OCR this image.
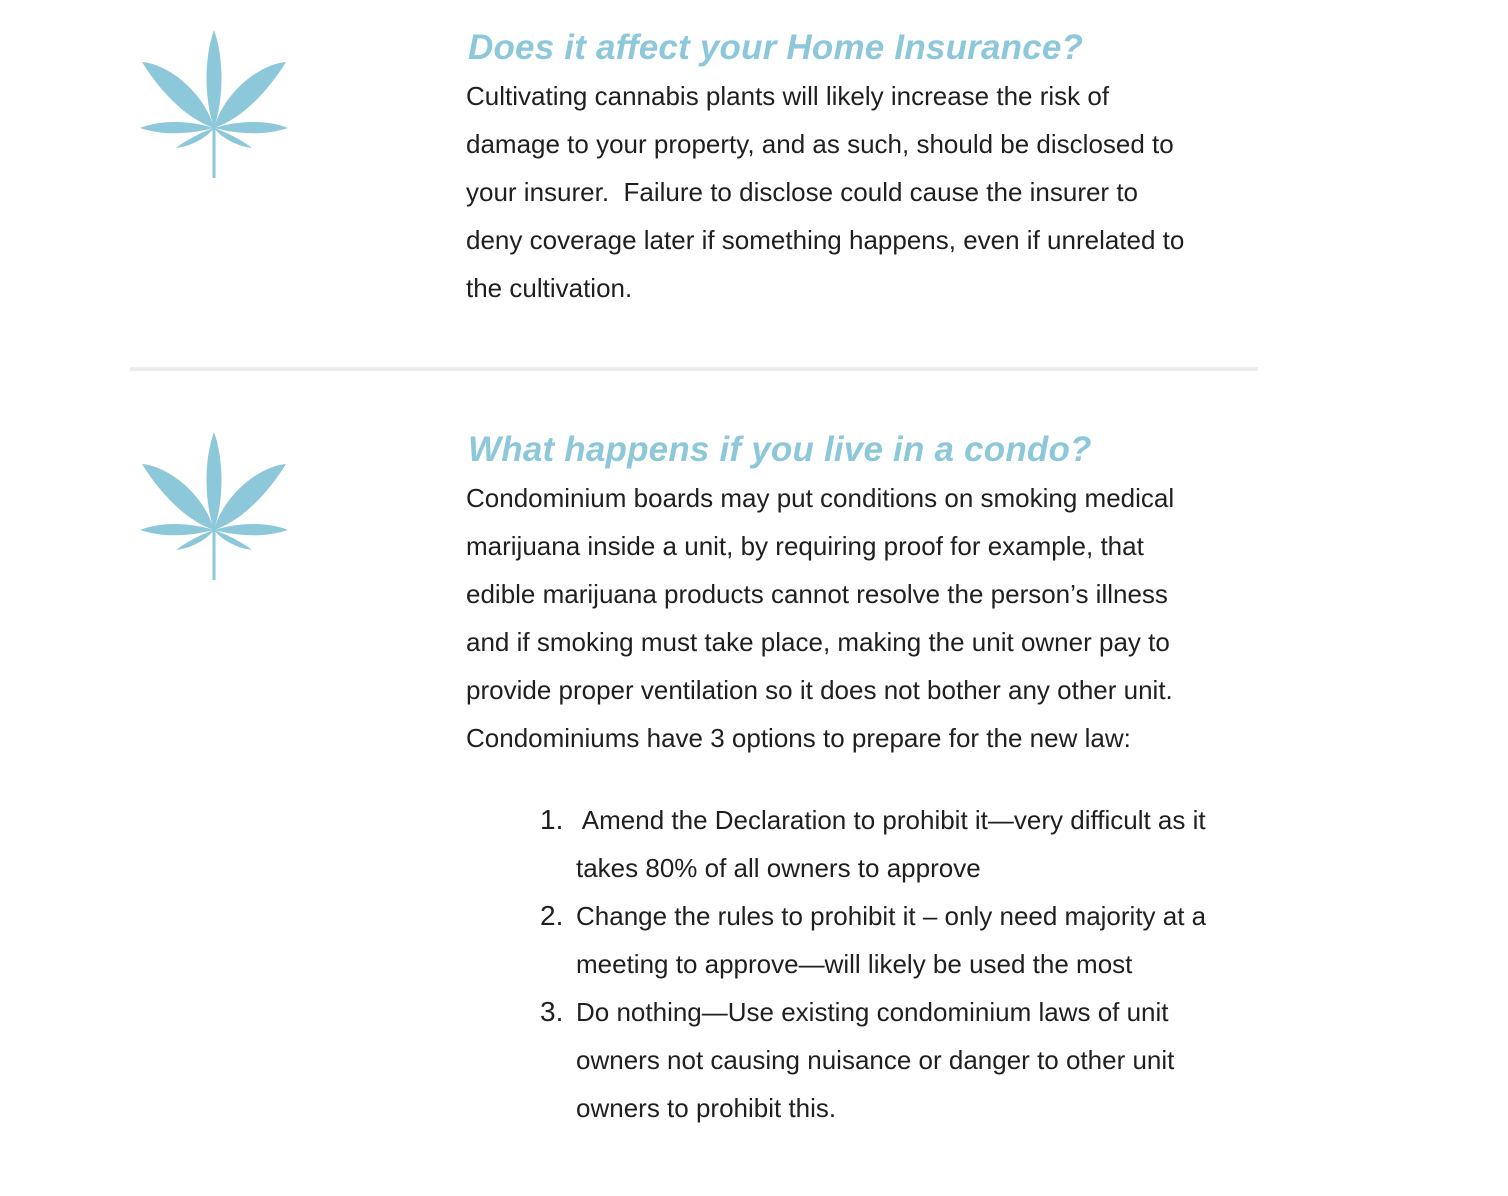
Does it affect your Home Insurance?

Cultivating cannabis plants will likely increase the risk of
damage to your property, and as such, should be disclosed to
your insurer.  Failure to disclose could cause the insurer to
deny coverage later if something happens, even if unrelated to
the cultivation.

What happens if you live in a condo?

Condominium boards may put conditions on smoking medical
marijuana inside a unit, by requiring proof for example, that
edible marijuana products cannot resolve the person’s illness
and if smoking must take place, making the unit owner pay to
provide proper ventilation so it does not bother any other unit.
Condominiums have 3 options to prepare for the new law:

1. Amend the Declaration to prohibit it—very difficult as it
takes 80% of all owners to approve
2. Change the rules to prohibit it – only need majority at a
meeting to approve—will likely be used the most
3. Do nothing—Use existing condominium laws of unit
owners not causing nuisance or danger to other unit
owners to prohibit this.
